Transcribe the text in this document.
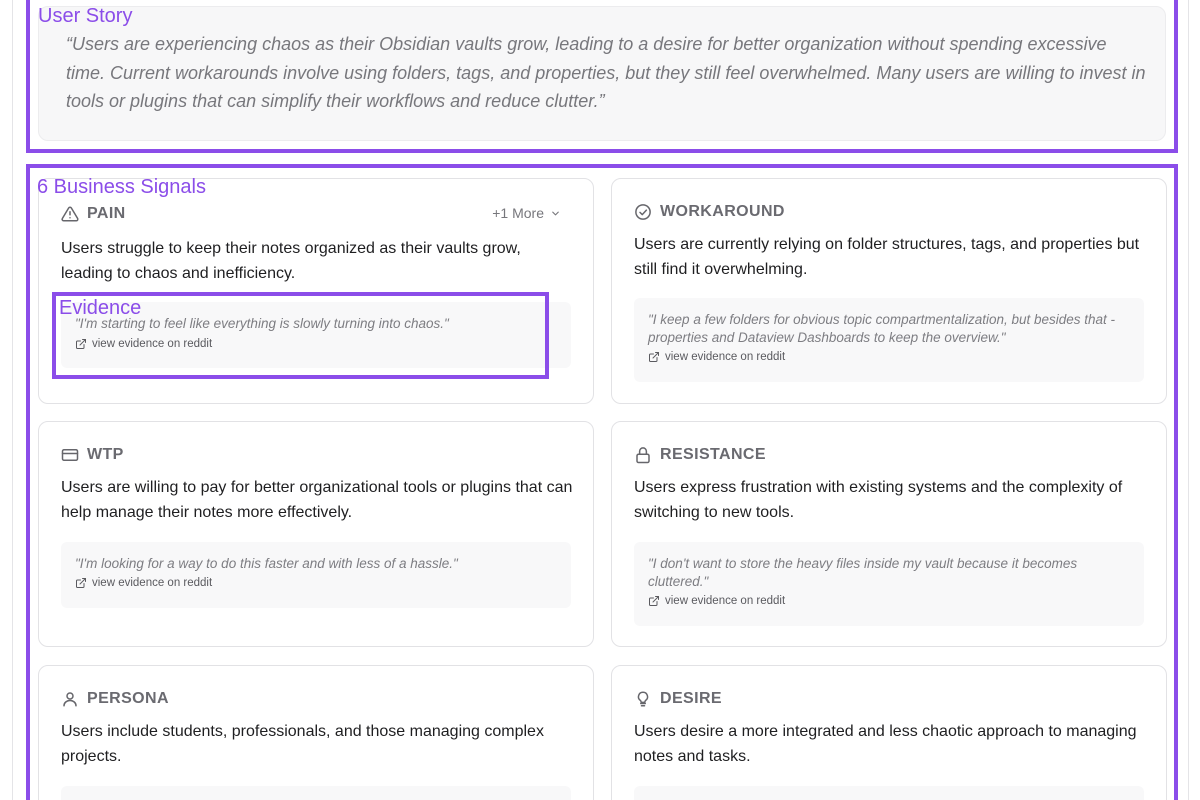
“Users are experiencing chaos as their Obsidian vaults grow, leading to a desire for better organization without spending excessive time. Current workarounds involve using folders, tags, and properties, but they still feel overwhelmed. Many users are willing to invest in tools or plugins that can simplify their workflows and reduce clutter.”
PAIN	+1 More
Users struggle to keep their notes organized as their vaults grow, leading to chaos and inefficiency.
"I'm starting to feel like everything is slowly turning into chaos."
view evidence on reddit
WORKAROUND
Users are currently relying on folder structures, tags, and properties but still find it overwhelming.
"I keep a few folders for obvious topic compartmentalization, but besides that - properties and Dataview Dashboards to keep the overview."
view evidence on reddit
WTP
Users are willing to pay for better organizational tools or plugins that can help manage their notes more effectively.
"I'm looking for a way to do this faster and with less of a hassle."
view evidence on reddit
RESISTANCE
Users express frustration with existing systems and the complexity of switching to new tools.
"I don't want to store the heavy files inside my vault because it becomes cluttered."
view evidence on reddit
PERSONA
Users include students, professionals, and those managing complex projects.
DESIRE
Users desire a more integrated and less chaotic approach to managing notes and tasks.
User Story
6 Business Signals
Evidence
